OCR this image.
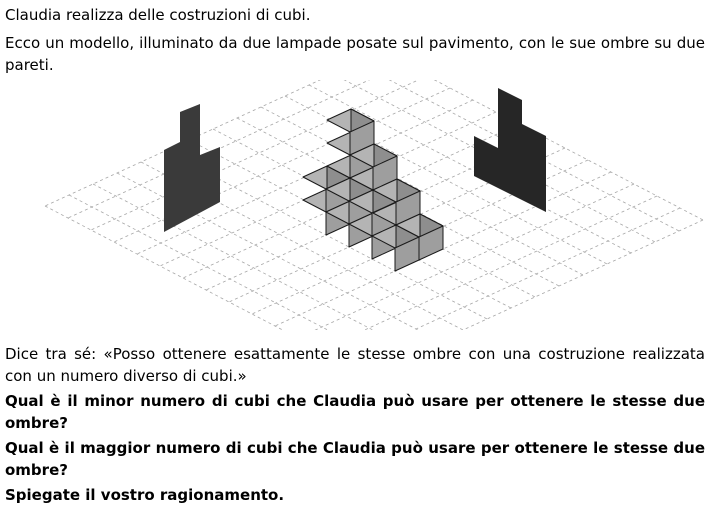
Claudia realizza delle costruzioni di cubi.

Ecco un modello, illuminato da due lampade posate sul pavimento, con le sue ombre su due pareti.

Dice tra sé: «Posso ottenere esattamente le stesse ombre con una costruzione realizzata con un numero diverso di cubi.»

Qual è il minor numero di cubi che Claudia può usare per ottenere le stesse due ombre?

Qual è il maggior numero di cubi che Claudia può usare per ottenere le stesse due ombre?

Spiegate il vostro ragionamento.
